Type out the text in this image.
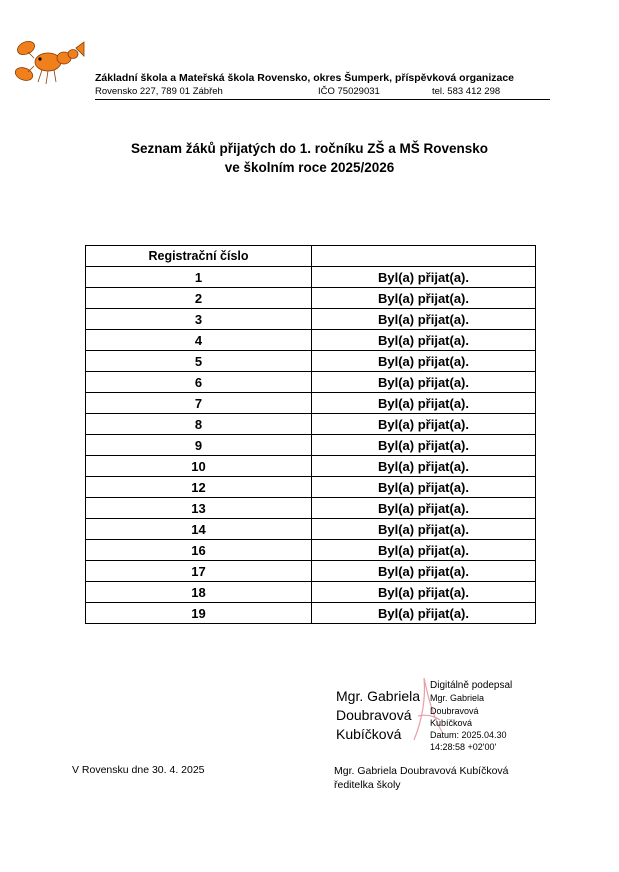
Základní škola a Mateřská škola Rovensko, okres Šumperk, příspěvková organizace
Rovensko 227, 789 01 Zábřeh	IČO 75029031	tel. 583 412 298
Seznam žáků přijatých do 1. ročníku ZŠ a MŠ Rovensko
ve školním roce 2025/2026
Registrační číslo	
1	Byl(a) přijat(a).
2	Byl(a) přijat(a).
3	Byl(a) přijat(a).
4	Byl(a) přijat(a).
5	Byl(a) přijat(a).
6	Byl(a) přijat(a).
7	Byl(a) přijat(a).
8	Byl(a) přijat(a).
9	Byl(a) přijat(a).
10	Byl(a) přijat(a).
12	Byl(a) přijat(a).
13	Byl(a) přijat(a).
14	Byl(a) přijat(a).
16	Byl(a) přijat(a).
17	Byl(a) přijat(a).
18	Byl(a) přijat(a).
19	Byl(a) přijat(a).
Mgr. Gabriela
Doubravová
Kubíčková
Digitálně podepsal
Mgr. Gabriela
Doubravová
Kubíčková
Datum: 2025.04.30
14:28:58 +02'00'
V Rovensku dne 30. 4. 2025	Mgr. Gabriela Doubravová Kubíčková
ředitelka školy
